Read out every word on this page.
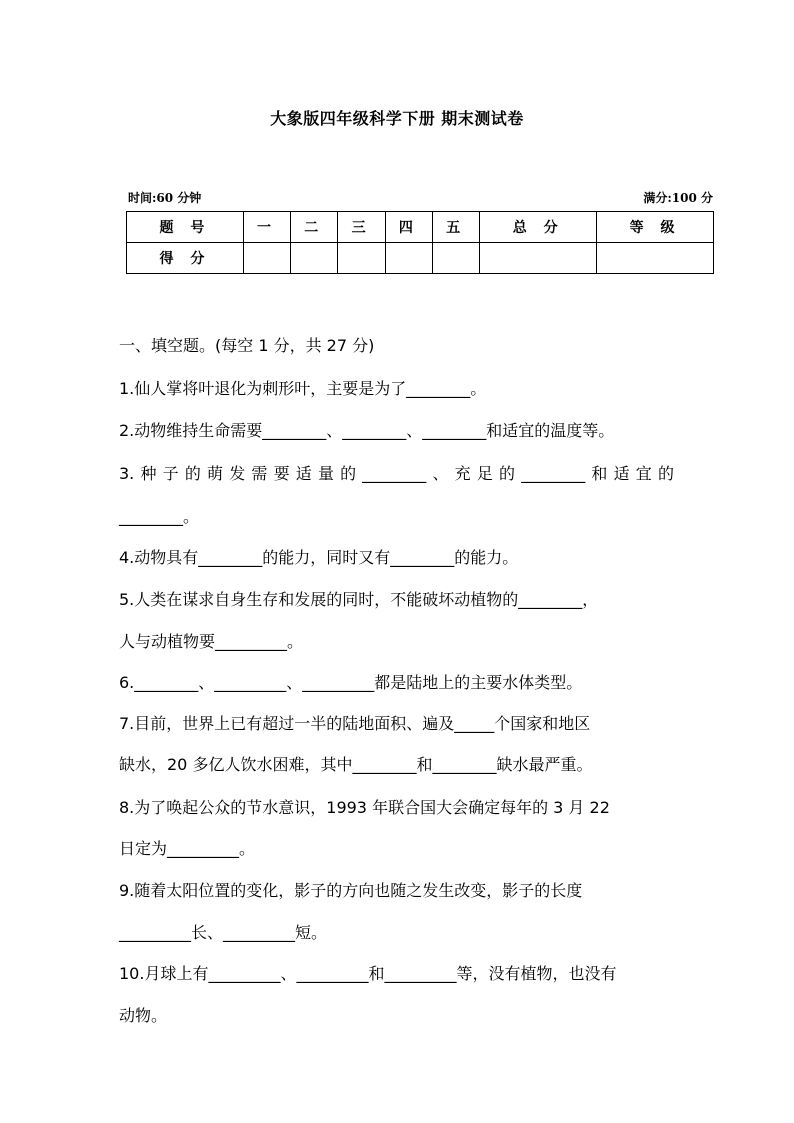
大象版四年级科学下册 期末测试卷
时间:60 分钟	满分:100 分
题 号	一	二	三	四	五	总 分	等 级
得 分							
一、填空题。(每空 1 分，共 27 分)
1.仙人掌将叶退化为刺形叶，主要是为了________。
2.动物维持生命需要________、________、________和适宜的温度等。
3.种子的萌发需要适量的________、充足的________和适宜的
________。
4.动物具有________的能力，同时又有________的能力。
5.人类在谋求自身生存和发展的同时，不能破坏动植物的________，
人与动植物要_________。
6.________、_________、_________都是陆地上的主要水体类型。
7.目前，世界上已有超过一半的陆地面积、遍及_____个国家和地区
缺水，20 多亿人饮水困难，其中________和________缺水最严重。
8.为了唤起公众的节水意识，1993 年联合国大会确定每年的 3 月 22
日定为_________。
9.随着太阳位置的变化，影子的方向也随之发生改变，影子的长度
_________长、_________短。
10.月球上有_________、_________和_________等，没有植物，也没有
动物。
